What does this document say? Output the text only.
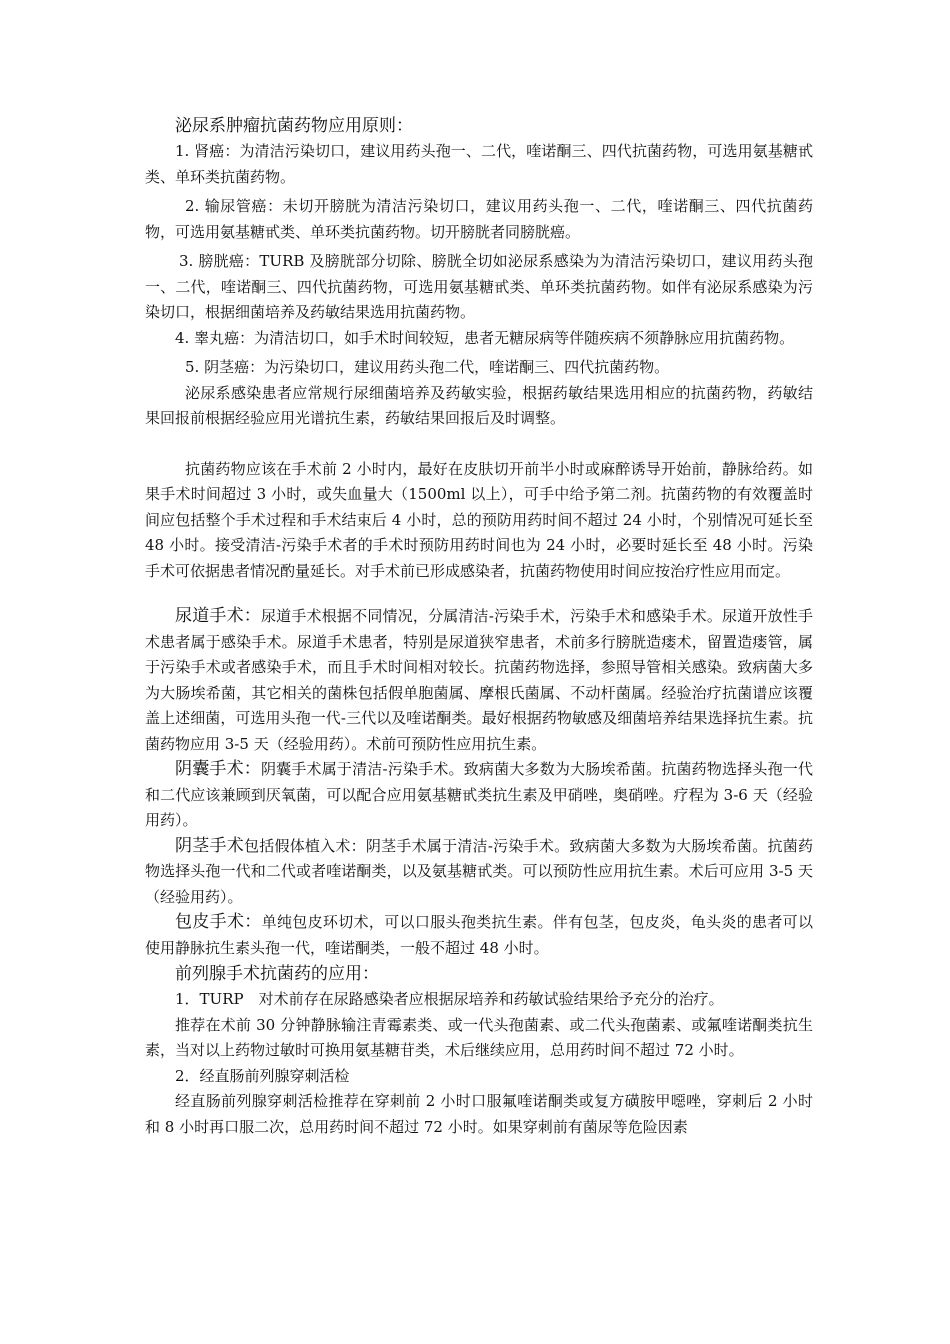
泌尿系肿瘤抗菌药物应用原则：

1. 肾癌：为清洁污染切口，建议用药头孢一、二代，喹诺酮三、四代抗菌药物，可选用氨基糖甙类、单环类抗菌药物。

2. 输尿管癌：未切开膀胱为清洁污染切口，建议用药头孢一、二代，喹诺酮三、四代抗菌药物，可选用氨基糖甙类、单环类抗菌药物。切开膀胱者同膀胱癌。

3. 膀胱癌：TURB 及膀胱部分切除、膀胱全切如泌尿系感染为为清洁污染切口，建议用药头孢一、二代，喹诺酮三、四代抗菌药物，可选用氨基糖甙类、单环类抗菌药物。如伴有泌尿系感染为污染切口，根据细菌培养及药敏结果选用抗菌药物。

4. 睾丸癌：为清洁切口，如手术时间较短，患者无糖尿病等伴随疾病不须静脉应用抗菌药物。

5. 阴茎癌：为污染切口，建议用药头孢二代，喹诺酮三、四代抗菌药物。

泌尿系感染患者应常规行尿细菌培养及药敏实验，根据药敏结果选用相应的抗菌药物，药敏结果回报前根据经验应用光谱抗生素，药敏结果回报后及时调整。

抗菌药物应该在手术前 2 小时内，最好在皮肤切开前半小时或麻醉诱导开始前，静脉给药。如果手术时间超过 3 小时，或失血量大（1500ml 以上），可手中给予第二剂。抗菌药物的有效覆盖时间应包括整个手术过程和手术结束后 4 小时，总的预防用药时间不超过 24 小时，个别情况可延长至 48 小时。接受清洁-污染手术者的手术时预防用药时间也为 24 小时，必要时延长至 48 小时。污染手术可依据患者情况酌量延长。对手术前已形成感染者，抗菌药物使用时间应按治疗性应用而定。

尿道手术：尿道手术根据不同情况，分属清洁-污染手术，污染手术和感染手术。尿道开放性手术患者属于感染手术。尿道手术患者，特别是尿道狭窄患者，术前多行膀胱造瘘术，留置造瘘管，属于污染手术或者感染手术，而且手术时间相对较长。抗菌药物选择，参照导管相关感染。致病菌大多为大肠埃希菌，其它相关的菌株包括假单胞菌属、摩根氏菌属、不动杆菌属。经验治疗抗菌谱应该覆盖上述细菌，可选用头孢一代-三代以及喹诺酮类。最好根据药物敏感及细菌培养结果选择抗生素。抗菌药物应用 3-5 天（经验用药）。术前可预防性应用抗生素。

阴囊手术：阴囊手术属于清洁-污染手术。致病菌大多数为大肠埃希菌。抗菌药物选择头孢一代和二代应该兼顾到厌氧菌，可以配合应用氨基糖甙类抗生素及甲硝唑，奥硝唑。疗程为 3-6 天（经验用药）。

阴茎手术包括假体植入术：阴茎手术属于清洁-污染手术。致病菌大多数为大肠埃希菌。抗菌药物选择头孢一代和二代或者喹诺酮类，以及氨基糖甙类。可以预防性应用抗生素。术后可应用 3-5 天（经验用药）。

包皮手术：单纯包皮环切术，可以口服头孢类抗生素。伴有包茎，包皮炎，龟头炎的患者可以使用静脉抗生素头孢一代，喹诺酮类，一般不超过 48 小时。

前列腺手术抗菌药的应用：

1．TURP　对术前存在尿路感染者应根据尿培养和药敏试验结果给予充分的治疗。

推荐在术前 30 分钟静脉输注青霉素类、或一代头孢菌素、或二代头孢菌素、或氟喹诺酮类抗生素，当对以上药物过敏时可换用氨基糖苷类，术后继续应用，总用药时间不超过 72 小时。

2．经直肠前列腺穿刺活检

经直肠前列腺穿刺活检推荐在穿刺前 2 小时口服氟喹诺酮类或复方磺胺甲噁唑，穿刺后 2 小时和 8 小时再口服二次，总用药时间不超过 72 小时。如果穿刺前有菌尿等危险因素
